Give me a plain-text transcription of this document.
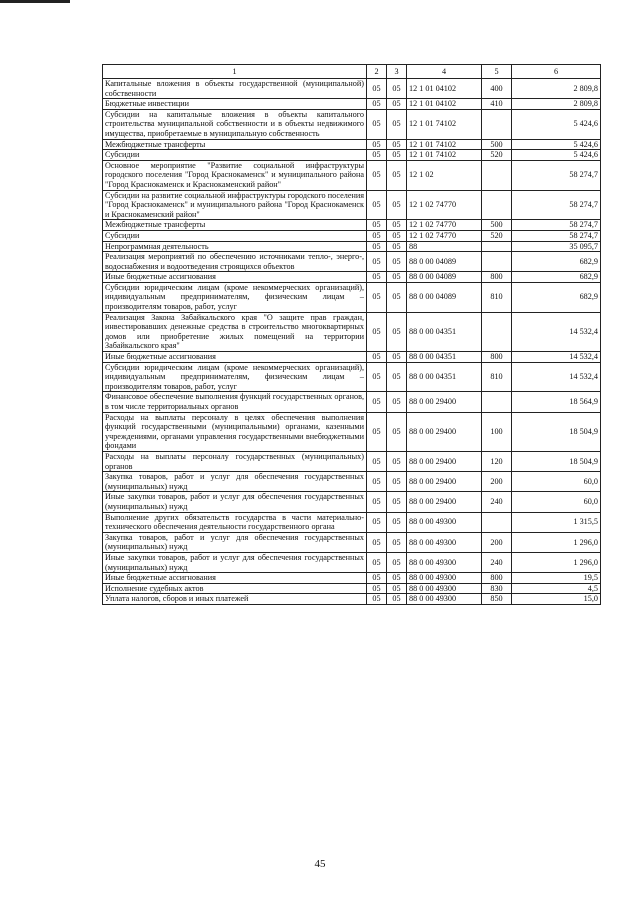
1	2	3	4	5	6
Капитальные вложения в объекты государственной (муниципальной) собственности	05	05	12 1 01 04102	400	2 809,8
Бюджетные инвестиции	05	05	12 1 01 04102	410	2 809,8
Субсидии на капитальные вложения в объекты капитального строительства муниципальной собственности и в объекты недвижимого имущества, приобретаемые в муниципальную собственность	05	05	12 1 01 74102		5 424,6
Межбюджетные трансферты	05	05	12 1 01 74102	500	5 424,6
Субсидии	05	05	12 1 01 74102	520	5 424,6
Основное мероприятие "Развитие социальной инфраструктуры городского поселения "Город Краснокаменск" и муниципального района "Город Краснокаменск и Краснокаменский район"	05	05	12 1 02		58 274,7
Субсидии на развитие социальной инфраструктуры городского поселения "Город Краснокаменск" и муниципального района "Город Краснокаменск и Краснокаменский район"	05	05	12 1 02 74770		58 274,7
Межбюджетные трансферты	05	05	12 1 02 74770	500	58 274,7
Субсидии	05	05	12 1 02 74770	520	58 274,7
Непрограммная деятельность	05	05	88		35 095,7
Реализация мероприятий по обеспечению источниками тепло-, энерго-, водоснабжения и водоотведения строящихся объектов	05	05	88 0 00 04089		682,9
Иные бюджетные ассигнования	05	05	88 0 00 04089	800	682,9
Субсидии юридическим лицам (кроме некоммерческих организаций), индивидуальным предпринимателям, физическим лицам – производителям товаров, работ, услуг	05	05	88 0 00 04089	810	682,9
Реализация Закона Забайкальского края "О защите прав граждан, инвестировавших денежные средства в строительство многоквартирных домов или приобретение жилых помещений на территории Забайкальского края"	05	05	88 0 00 04351		14 532,4
Иные бюджетные ассигнования	05	05	88 0 00 04351	800	14 532,4
Субсидии юридическим лицам (кроме некоммерческих организаций), индивидуальным предпринимателям, физическим лицам – производителям товаров, работ, услуг	05	05	88 0 00 04351	810	14 532,4
Финансовое обеспечение выполнения функций государственных органов, в том числе территориальных органов	05	05	88 0 00 29400		18 564,9
Расходы на выплаты персоналу в целях обеспечения выполнения функций государственными (муниципальными) органами, казенными учреждениями, органами управления государственными внебюджетными фондами	05	05	88 0 00 29400	100	18 504,9
Расходы на выплаты персоналу государственных (муниципальных) органов	05	05	88 0 00 29400	120	18 504,9
Закупка товаров, работ и услуг для обеспечения государственных (муниципальных) нужд	05	05	88 0 00 29400	200	60,0
Иные закупки товаров, работ и услуг для обеспечения государственных (муниципальных) нужд	05	05	88 0 00 29400	240	60,0
Выполнение других обязательств государства в части материально-технического обеспечения деятельности государственного органа	05	05	88 0 00 49300		1 315,5
Закупка товаров, работ и услуг для обеспечения государственных (муниципальных) нужд	05	05	88 0 00 49300	200	1 296,0
Иные закупки товаров, работ и услуг для обеспечения государственных (муниципальных) нужд	05	05	88 0 00 49300	240	1 296,0
Иные бюджетные ассигнования	05	05	88 0 00 49300	800	19,5
Исполнение судебных актов	05	05	88 0 00 49300	830	4,5
Уплата налогов, сборов и иных платежей	05	05	88 0 00 49300	850	15,0
45
